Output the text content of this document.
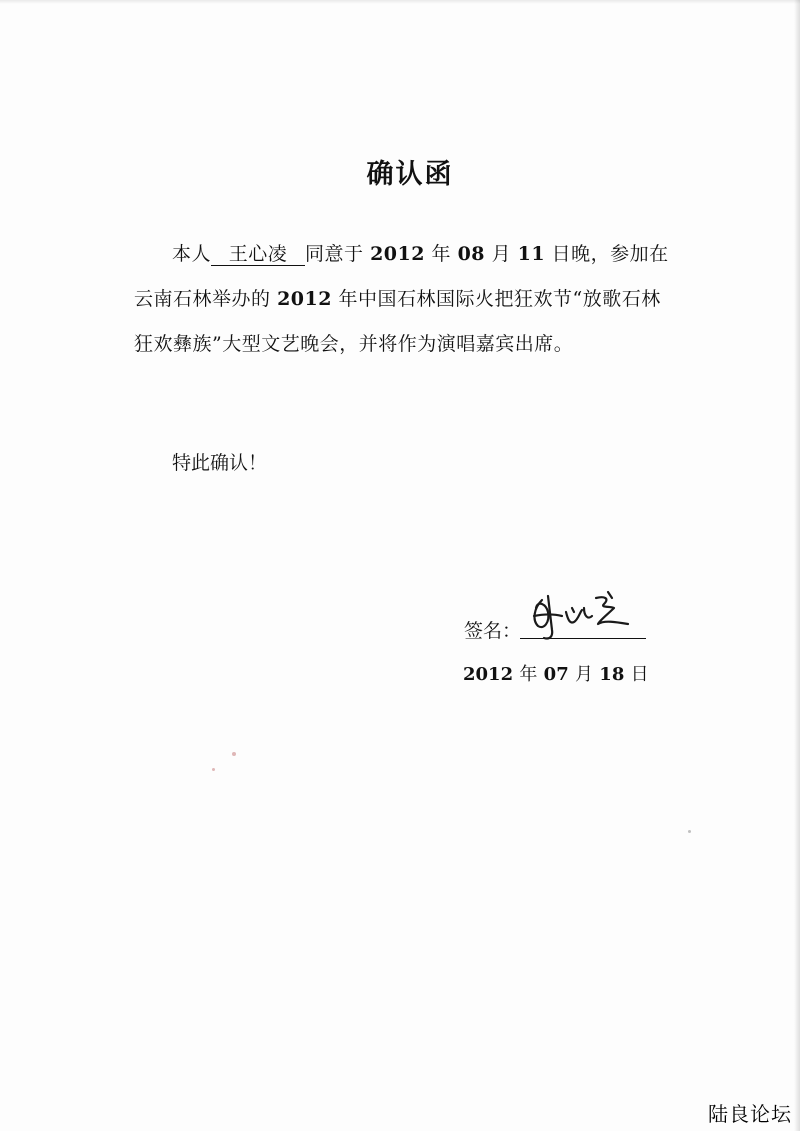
确认函

本人 王心凌 同意于 2012 年 08 月 11 日晚，参加在云南石林举办的 2012 年中国石林国际火把狂欢节“放歌石林 狂欢彝族”大型文艺晚会，并将作为演唱嘉宾出席。

特此确认！

签名：

2012 年 07 月 18 日

陆良论坛
